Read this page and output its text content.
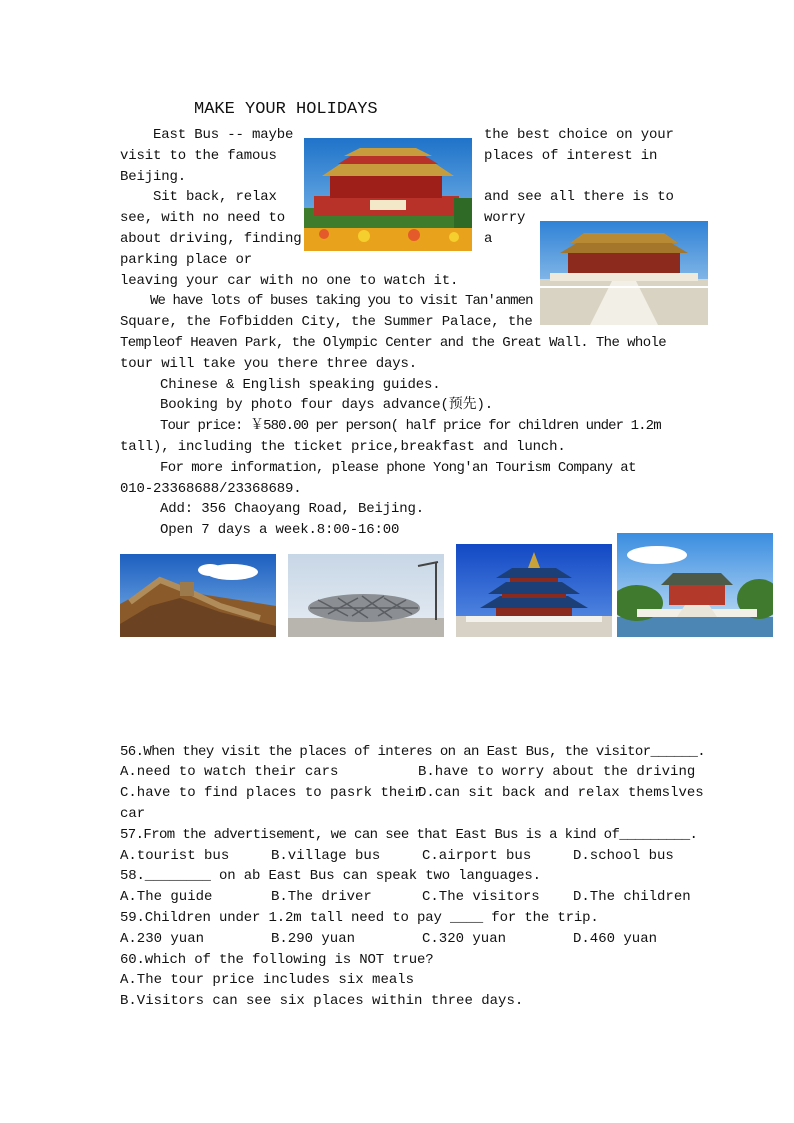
MAKE YOUR HOLIDAYS
East Bus -- maybe	the best choice on your
visit to the famous	places of interest in
Beijing.
Sit back, relax	and see all there is to
see, with no need to	worry
about driving, finding	a
parking place or
leaving your car with no one to watch it.
We have lots of buses taking you to visit Tan'anmen
Square, the Fofbidden City, the Summer Palace, the
Templeof Heaven Park, the Olympic Center and the Great Wall. The whole
tour will take you there three days.
Chinese & English speaking guides.
Booking by photo four days advance(预先).
Tour price: ￥580.00 per person( half price for children under 1.2m
tall), including the ticket price,breakfast and lunch.
For more information, please phone Yong'an Tourism Company at
010-23368688/23368689.
Add: 356 Chaoyang Road, Beijing.
Open 7 days a week.8:00-16:00
56.When they visit the places of interes on an East Bus, the visitor______.
A.need to watch their cars	B.have to worry about the driving
C.have to find places to pasrk their
D.can sit back and relax themslves
car
57.From the advertisement, we can see that East Bus is a kind of_________.
A.tourist bus	B.village bus	C.airport bus	D.school bus
58.________ on ab East Bus can speak two languages.
A.The guide	B.The driver	C.The visitors D.The children
59.Children under 1.2m tall need to pay ____ for the trip.
A.230 yuan	B.290 yuan	C.320 yuan	D.460 yuan
60.which of the following is NOT true?
A.The tour price includes six meals
B.Visitors can see six places within three days.
